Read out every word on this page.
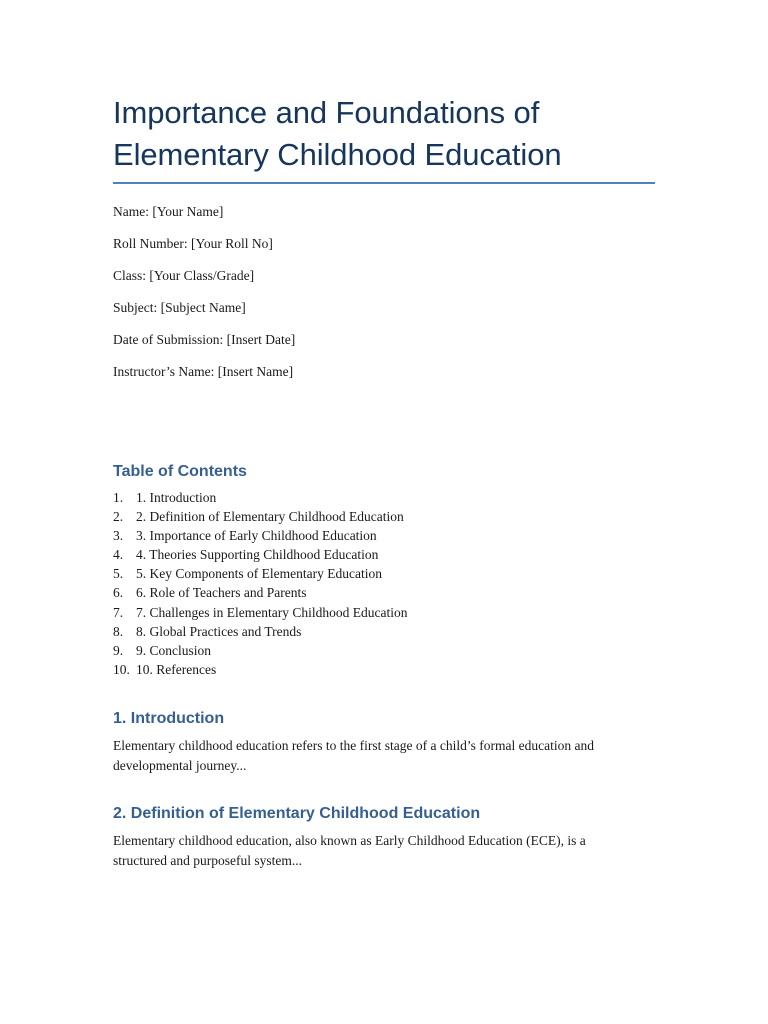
Importance and Foundations of
Elementary Childhood Education
Name: [Your Name]
Roll Number: [Your Roll No]
Class: [Your Class/Grade]
Subject: [Subject Name]
Date of Submission: [Insert Date]
Instructor’s Name: [Insert Name]
Table of Contents
1. 1. Introduction
2. 2. Definition of Elementary Childhood Education
3. 3. Importance of Early Childhood Education
4. 4. Theories Supporting Childhood Education
5. 5. Key Components of Elementary Education
6. 6. Role of Teachers and Parents
7. 7. Challenges in Elementary Childhood Education
8. 8. Global Practices and Trends
9. 9. Conclusion
10. 10. References
1. Introduction

Elementary childhood education refers to the first stage of a child’s formal education and
developmental journey...

2. Definition of Elementary Childhood Education

Elementary childhood education, also known as Early Childhood Education (ECE), is a
structured and purposeful system...
